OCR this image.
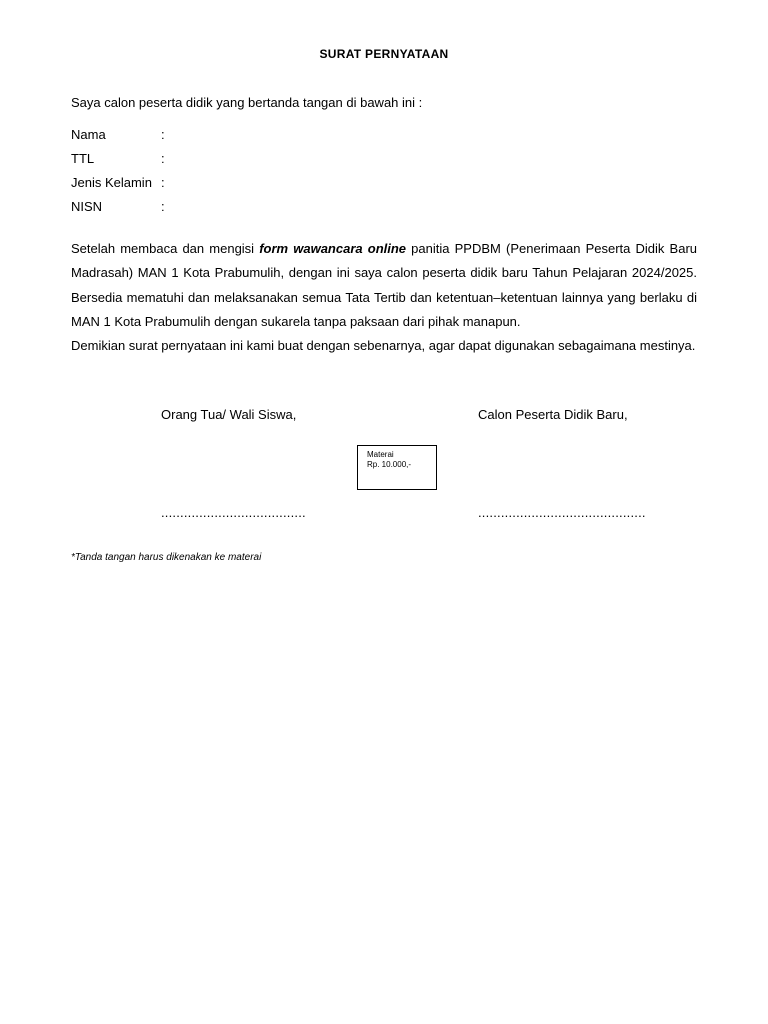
SURAT PERNYATAAN
Saya calon peserta didik yang bertanda tangan di bawah ini :
Nama	:
TTL	:
Jenis Kelamin :
NISN	:

Setelah membaca dan mengisi form wawancara online panitia PPDBM (Penerimaan Peserta Didik Baru Madrasah) MAN 1 Kota Prabumulih, dengan ini saya calon peserta didik baru Tahun Pelajaran 2024/2025. Bersedia mematuhi dan melaksanakan semua Tata Tertib dan ketentuan–ketentuan lainnya yang berlaku di MAN 1 Kota Prabumulih dengan sukarela tanpa paksaan dari pihak manapun.

Demikian surat pernyataan ini kami buat dengan sebenarnya, agar dapat digunakan sebagaimana mestinya.

Orang Tua/ Wali Siswa,	Calon Peserta Didik Baru,
Materai
Rp. 10.000,-
......................................	............................................
*Tanda tangan harus dikenakan ke materai
